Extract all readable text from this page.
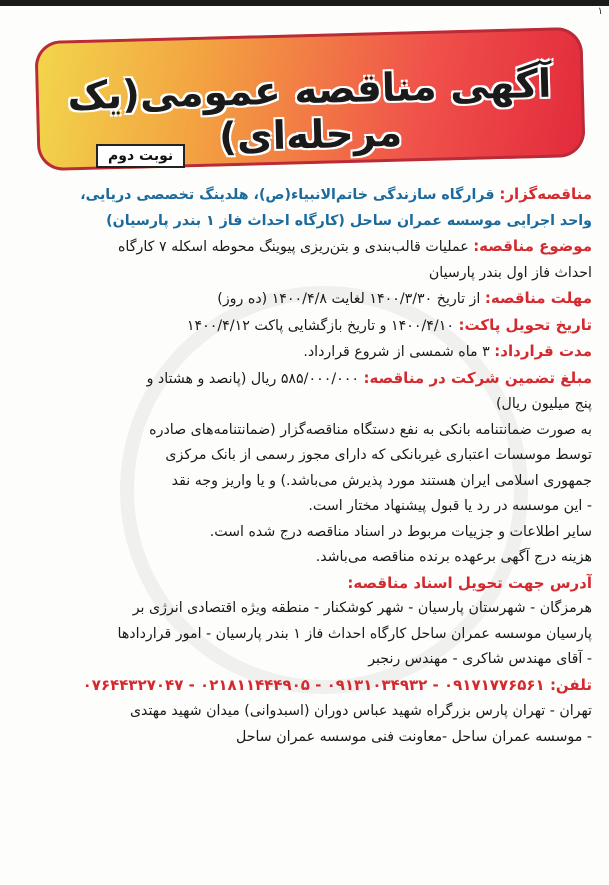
۱
آگهی مناقصه عمومی(یک مرحله‌ای)
نوبت دوم
مناقصه‌گزار: قرارگاه سازندگی خاتم‌الانبیاء(ص)، هلدینگ تخصصی دریایی،
واحد اجرایی موسسه عمران ساحل (کارگاه احداث فاز ۱ بندر پارسیان)
موضوع مناقصه: عملیات قالب‌بندی و بتن‌ریزی پیوینگ محوطه اسکله ۷ کارگاه
احداث فاز اول بندر پارسیان
مهلت مناقصه: از تاریخ ۱۴۰۰/۳/۳۰ لغایت ۱۴۰۰/۴/۸ (ده روز)
تاریخ تحویل پاکت: ۱۴۰۰/۴/۱۰ و تاریخ بازگشایی پاکت ۱۴۰۰/۴/۱۲
مدت قرارداد: ۳ ماه شمسی از شروع قرارداد.
مبلغ تضمین شرکت در مناقصه: ۵۸۵/۰۰۰/۰۰۰ ریال (پانصد و هشتاد و
پنج میلیون ریال)
به صورت ضمانتنامه بانکی به نفع دستگاه مناقصه‌گزار (ضمانتنامه‌های صادره
توسط موسسات اعتباری غیربانکی که دارای مجوز رسمی از بانک مرکزی
جمهوری اسلامی ایران هستند مورد پذیرش می‌باشد.) و یا واریز وجه نقد
- این موسسه در رد یا قبول پیشنهاد مختار است.
سایر اطلاعات و جزییات مربوط در اسناد مناقصه درج شده است.
هزینه درج آگهی برعهده برنده مناقصه می‌باشد.
آدرس جهت تحویل اسناد مناقصه:
هرمزگان - شهرستان پارسیان - شهر کوشکنار - منطقه ویژه اقتصادی انرژی بر
پارسیان موسسه عمران ساحل کارگاه احداث فاز ۱ بندر پارسیان - امور قراردادها
- آقای مهندس شاکری - مهندس رنجبر
تلفن: ۰۹۱۷۱۷۷۶۵۶۱ - ۰۹۱۳۱۰۳۴۹۳۲ - ۰۲۱۸۱۱۴۴۴۹۰۵ - ۰۷۶۴۴۳۲۷۰۴۷
تهران - تهران پارس بزرگراه شهید عباس دوران (اسبدوانی) میدان شهید مهتدی
- موسسه عمران ساحل -معاونت فنی موسسه عمران ساحل
